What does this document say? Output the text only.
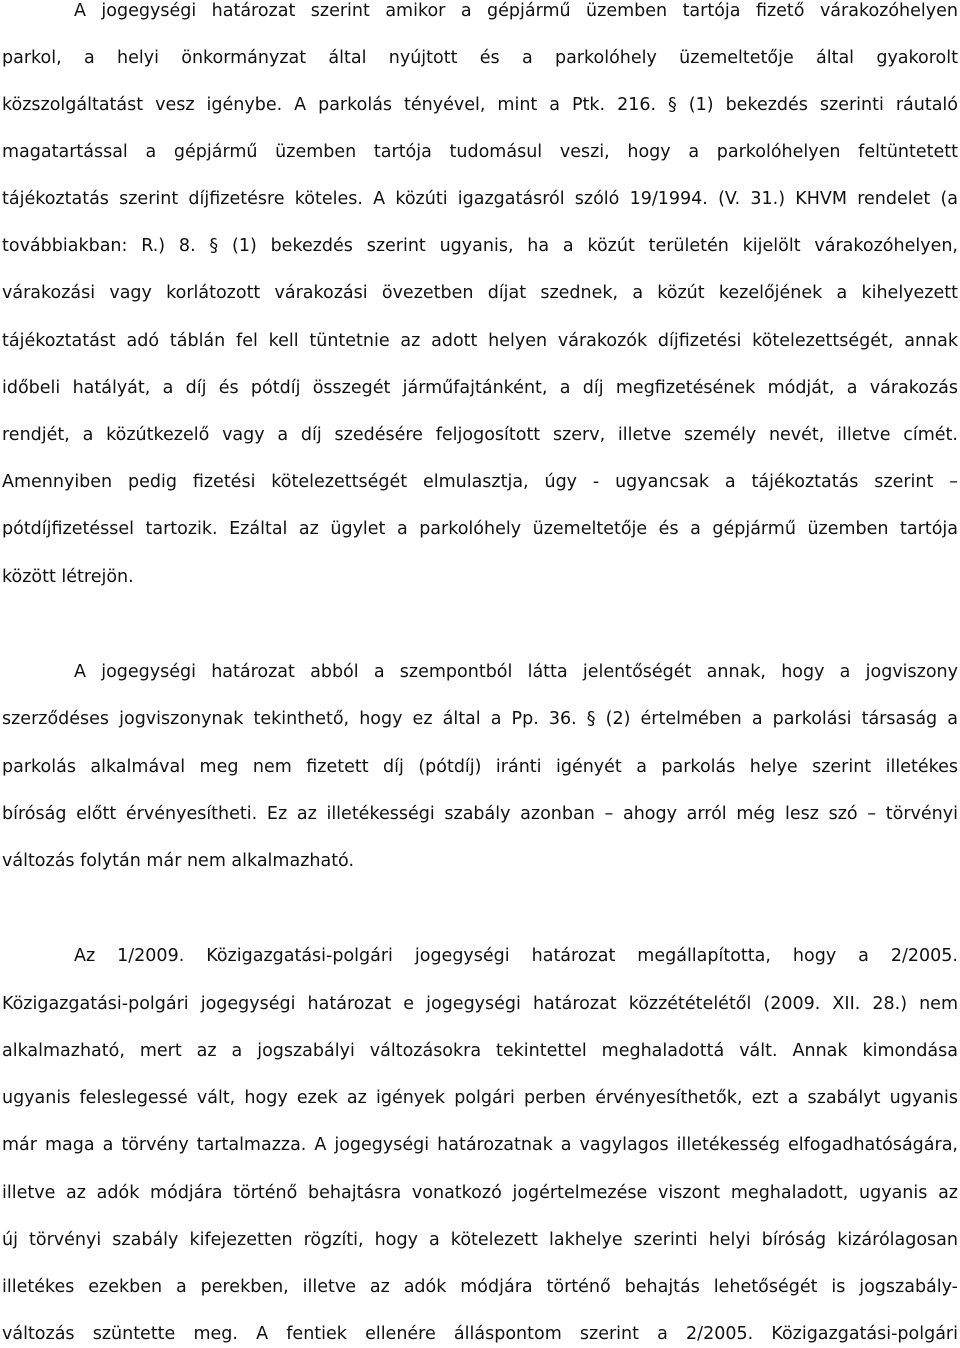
A jogegységi határozat szerint amikor a gépjármű üzemben tartója fizető várakozóhelyen
parkol, a helyi önkormányzat által nyújtott és a parkolóhely üzemeltetője által gyakorolt
közszolgáltatást vesz igénybe. A parkolás tényével, mint a Ptk. 216. § (1) bekezdés szerinti ráutaló
magatartással a gépjármű üzemben tartója tudomásul veszi, hogy a parkolóhelyen feltüntetett
tájékoztatás szerint díjfizetésre köteles. A közúti igazgatásról szóló 19/1994. (V. 31.) KHVM rendelet (a
továbbiakban: R.) 8. § (1) bekezdés szerint ugyanis, ha a közút területén kijelölt várakozóhelyen,
várakozási vagy korlátozott várakozási övezetben díjat szednek, a közút kezelőjének a kihelyezett
tájékoztatást adó táblán fel kell tüntetnie az adott helyen várakozók díjfizetési kötelezettségét, annak
időbeli hatályát, a díj és pótdíj összegét járműfajtánként, a díj megfizetésének módját, a várakozás
rendjét, a közútkezelő vagy a díj szedésére feljogosított szerv, illetve személy nevét, illetve címét.
Amennyiben pedig fizetési kötelezettségét elmulasztja, úgy - ugyancsak a tájékoztatás szerint –
pótdíjfizetéssel tartozik. Ezáltal az ügylet a parkolóhely üzemeltetője és a gépjármű üzemben tartója
között létrejön.
A jogegységi határozat abból a szempontból látta jelentőségét annak, hogy a jogviszony
szerződéses jogviszonynak tekinthető, hogy ez által a Pp. 36. § (2) értelmében a parkolási társaság a
parkolás alkalmával meg nem fizetett díj (pótdíj) iránti igényét a parkolás helye szerint illetékes
bíróság előtt érvényesítheti. Ez az illetékességi szabály azonban – ahogy arról még lesz szó – törvényi
változás folytán már nem alkalmazható.
Az 1/2009. Közigazgatási-polgári jogegységi határozat megállapította, hogy a 2/2005.
Közigazgatási-polgári jogegységi határozat e jogegységi határozat közzétételétől (2009. XII. 28.) nem
alkalmazható, mert az a jogszabályi változásokra tekintettel meghaladottá vált. Annak kimondása
ugyanis feleslegessé vált, hogy ezek az igények polgári perben érvényesíthetők, ezt a szabályt ugyanis
már maga a törvény tartalmazza. A jogegységi határozatnak a vagylagos illetékesség elfogadhatóságára,
illetve az adók módjára történő behajtásra vonatkozó jogértelmezése viszont meghaladott, ugyanis az
új törvényi szabály kifejezetten rögzíti, hogy a kötelezett lakhelye szerinti helyi bíróság kizárólagosan
illetékes ezekben a perekben, illetve az adók módjára történő behajtás lehetőségét is jogszabály-
változás szüntette meg. A fentiek ellenére álláspontom szerint a 2/2005. Közigazgatási-polgári
